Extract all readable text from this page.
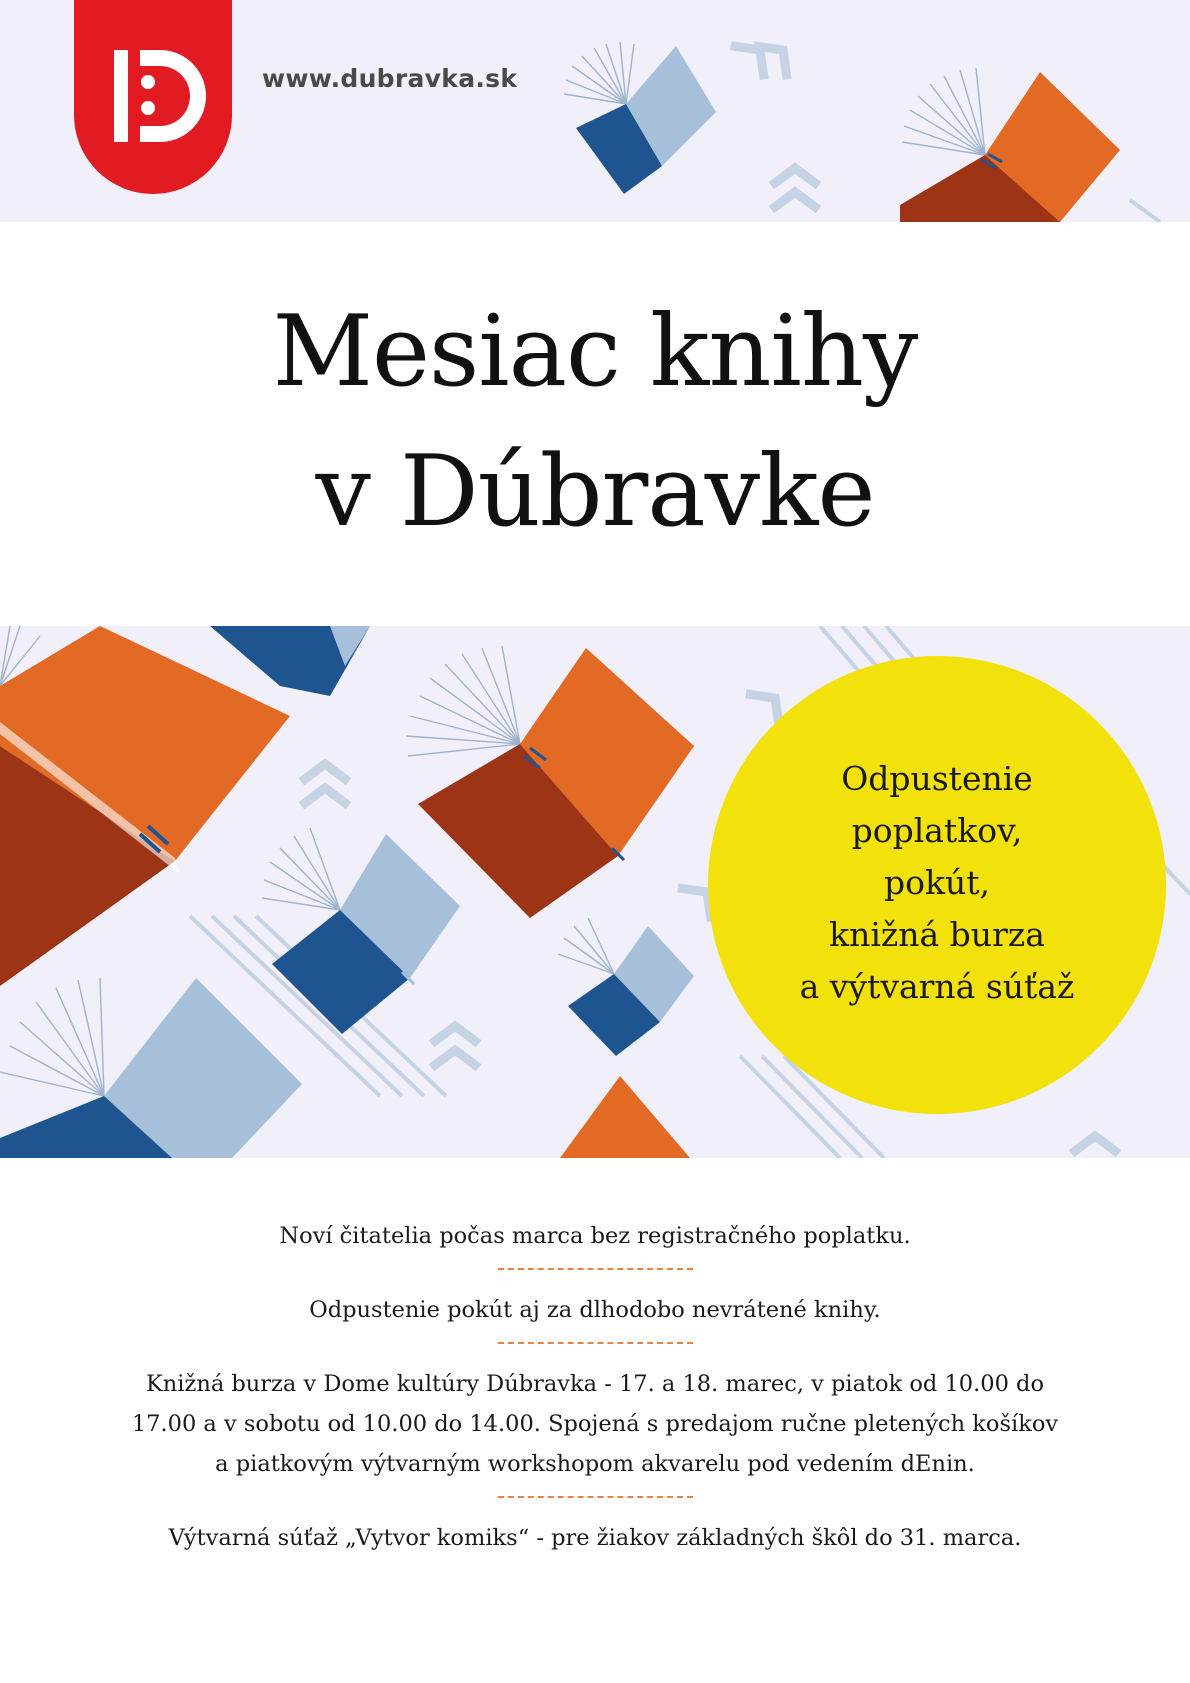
www.dubravka.sk
Mesiac knihy
v Dúbravke
Odpustenie
poplatkov,
pokút,
knižná burza
a výtvarná súťaž
Noví čitatelia počas marca bez registračného poplatku.
Odpustenie pokút aj za dlhodobo nevrátené knihy.
Knižná burza v Dome kultúry Dúbravka - 17. a 18. marec, v piatok od 10.00 do
17.00 a v sobotu od 10.00 do 14.00. Spojená s predajom ručne pletených košíkov
a piatkovým výtvarným workshopom akvarelu pod vedením dEnin.
Výtvarná súťaž „Vytvor komiks“ - pre žiakov základných škôl do 31. marca.
